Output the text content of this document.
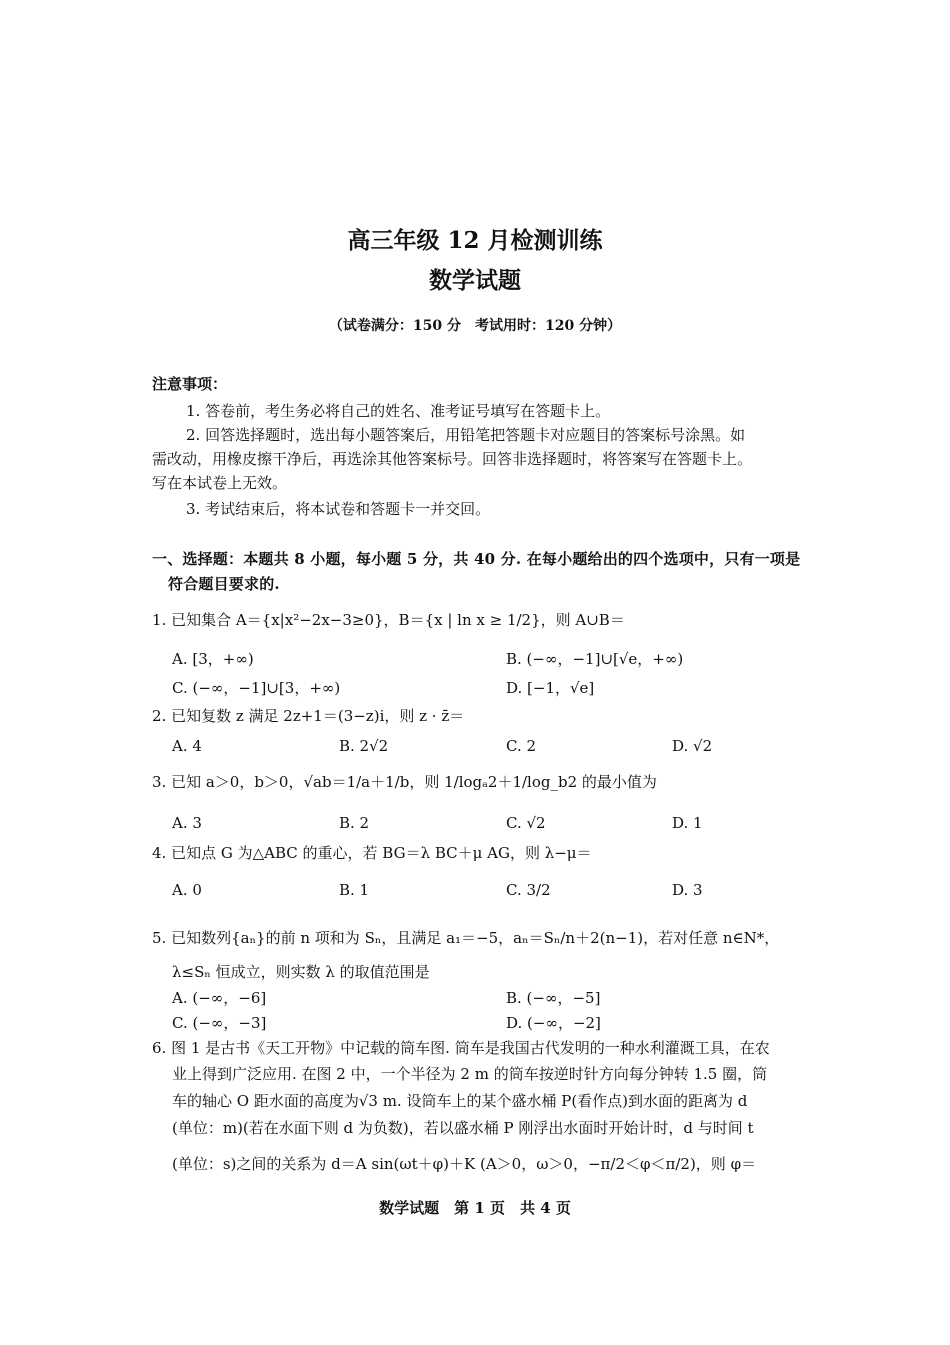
高三年级 12 月检测训练
数学试题
（试卷满分：150 分　考试用时：120 分钟）
注意事项：
1. 答卷前，考生务必将自己的姓名、准考证号填写在答题卡上。
2. 回答选择题时，选出每小题答案后，用铅笔把答题卡对应题目的答案标号涂黑。如
需改动，用橡皮擦干净后，再选涂其他答案标号。回答非选择题时，将答案写在答题卡上。
写在本试卷上无效。
3. 考试结束后，将本试卷和答题卡一并交回。
一、选择题：本题共 8 小题，每小题 5 分，共 40 分. 在每小题给出的四个选项中，只有一项是
符合题目要求的.
1. 已知集合 A＝{x|x²−2x−3≥0}，B＝{x | ln x ≥ 1/2}，则 A∪B＝
A. [3，+∞)	B. (−∞，−1]∪[√e，+∞)
C. (−∞，−1]∪[3，+∞)	D. [−1，√e]
2. 已知复数 z 满足 2z+1＝(3−z)i，则 z · z̄＝
A. 4	B. 2√2	C. 2	D. √2
3. 已知 a＞0，b＞0，√ab＝1/a＋1/b，则 1/logₐ2＋1/log_b2 的最小值为
A. 3	B. 2	C. √2	D. 1
4. 已知点 G 为△ABC 的重心，若 BG＝λ BC＋μ AG，则 λ−μ＝
A. 0	B. 1	C. 3/2	D. 3
5. 已知数列{aₙ}的前 n 项和为 Sₙ，且满足 a₁＝−5，aₙ＝Sₙ/n＋2(n−1)，若对任意 n∈N*，
λ≤Sₙ 恒成立，则实数 λ 的取值范围是
A. (−∞，−6]	B. (−∞，−5]
C. (−∞，−3]	D. (−∞，−2]
6. 图 1 是古书《天工开物》中记载的筒车图. 筒车是我国古代发明的一种水利灌溉工具，在农
业上得到广泛应用. 在图 2 中，一个半径为 2 m 的筒车按逆时针方向每分钟转 1.5 圈，筒
车的轴心 O 距水面的高度为√3 m. 设筒车上的某个盛水桶 P(看作点)到水面的距离为 d
(单位：m)(若在水面下则 d 为负数)，若以盛水桶 P 刚浮出水面时开始计时，d 与时间 t
(单位：s)之间的关系为 d＝A sin(ωt＋φ)＋K (A＞0，ω＞0，−π/2＜φ＜π/2)，则 φ＝
数学试题　第 1 页　共 4 页
